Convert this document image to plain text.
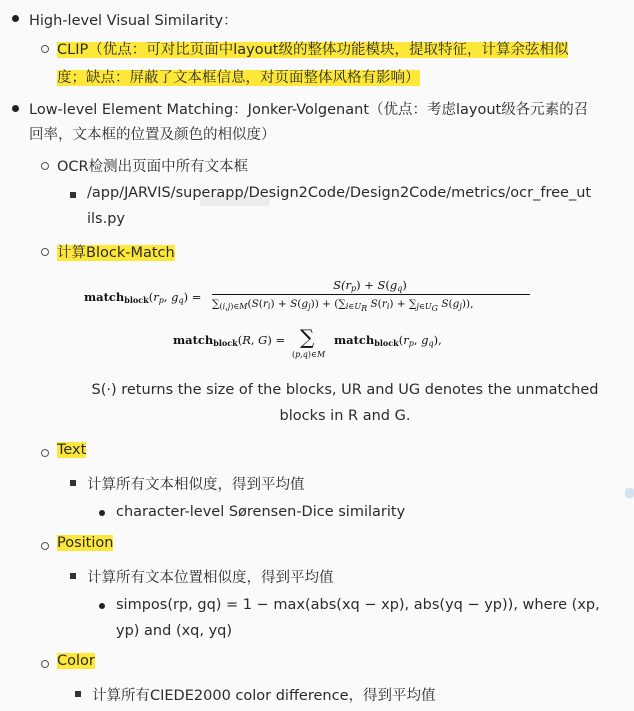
High-level Visual Similarity：
CLIP（优点：可对比页面中layout级的整体功能模块，提取特征，计算余弦相似
度；缺点：屏蔽了文本框信息，对页面整体风格有影响）
Low-level Element Matching：Jonker-Volgenant（优点：考虑layout级各元素的召
回率，文本框的位置及颜色的相似度）
OCR检测出页面中所有文本框
/app/JARVIS/superapp/Design2Code/Design2Code/metrics/ocr_free_ut
ils.py
计算Block-Match
$match_{block}(r_p$, $g_q$) =
$S(r_p) + S(g_q)$
$\sum_{(i,j)\in M}(S(r_i) + S(g_j)) + (\sum_{i\in UR}$ $S(r_i) + \sum_{j\in UG}$ $S(g_j)$),
match$_{block}$(R, G) = ∑
(p,q)∈M
$match_{block}(r_p$, $g_q$),
S(·) returns the size of the blocks, UR and UG denotes the unmatched
blocks in R and G.
Text
计算所有文本相似度，得到平均值
character-level Sørensen-Dice similarity
Position
计算所有文本位置相似度，得到平均值
simpos(rp, gq) = 1 − max(abs(xq − xp), abs(yq − yp)), where (xp,
yp) and (xq, yq)
Color
计算所有CIEDE2000 color difference，得到平均值
